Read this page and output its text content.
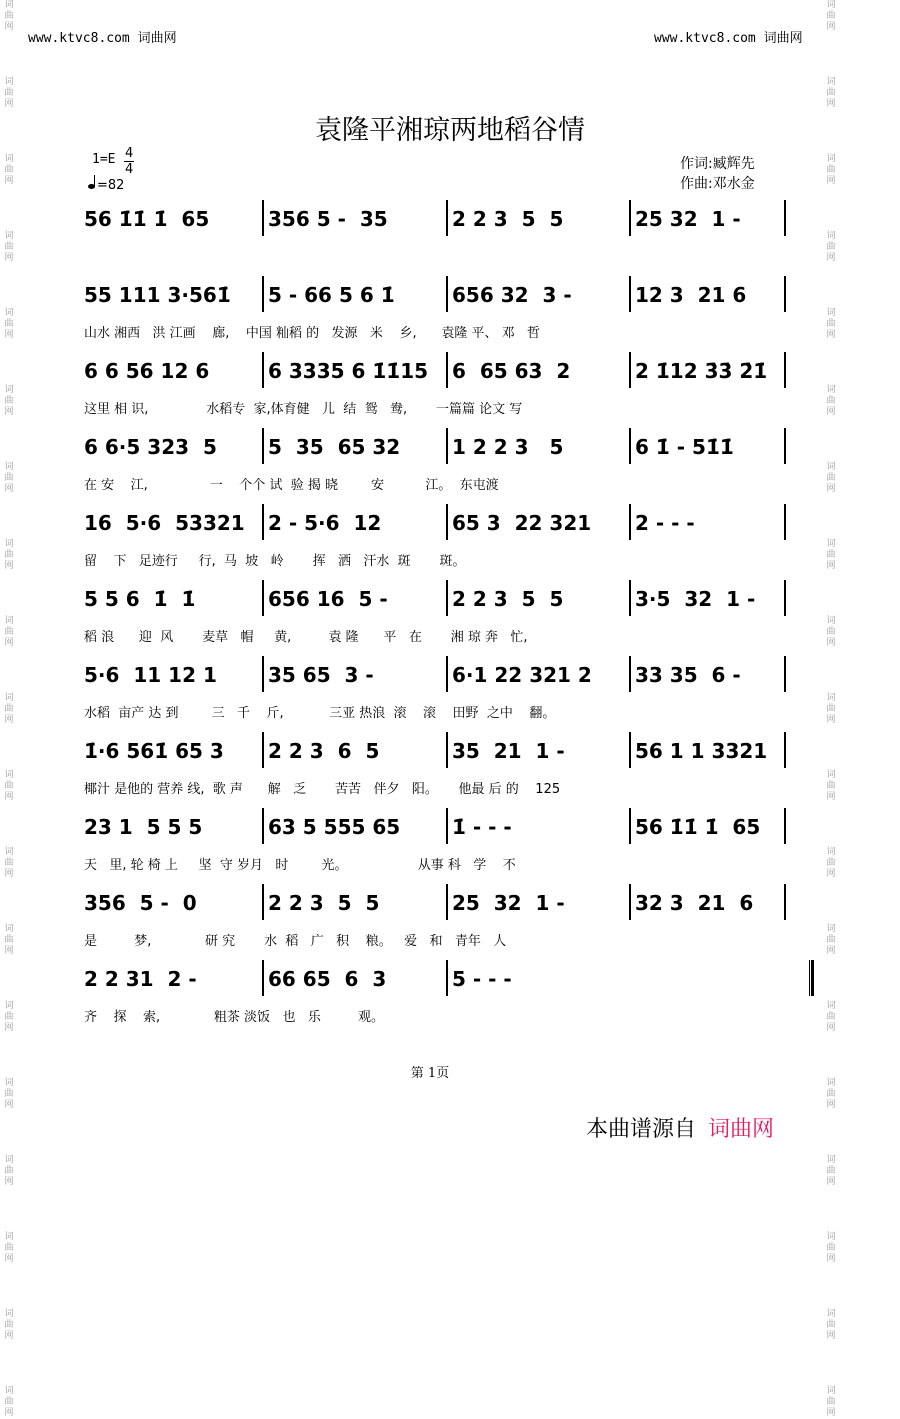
词
曲
网

词
曲
网

词
曲
网

词
曲
网

词
曲
网

词
曲
网

词
曲
网

词
曲
网

词
曲
网

词
曲
网

词
曲
网

词
曲
网

词
曲
网

词
曲
网

词
曲
网

词
曲
网

词
曲
网

词
曲
网

词
曲
网
词
曲
网

词
曲
网

词
曲
网

词
曲
网

词
曲
网

词
曲
网

词
曲
网

词
曲
网

词
曲
网

词
曲
网

词
曲
网

词
曲
网

词
曲
网

词
曲
网

词
曲
网

词
曲
网

词
曲
网

词
曲
网

词
曲
网
www.ktvc8.com 词曲网	www.ktvc8.com 词曲网
袁隆平湘琼两地稻谷情
1=E 4
4
=82
作词:臧辉先
作曲:邓水金
56 1̇1̇ 1̇  65	356 5 -  35	2 2 3  5  5	25 32  1 -
55 111 3·561̇ 5 - 66 5 6 1̇	656 32  3 -	12 3  21 6
山水 湘西   洪 江画    廊,    中国 籼稻 的   发源   米    乡,      袁隆 平、 邓   哲
6 6 56 12 6	6 3335 6 1̇1̇15 6  65 63  2	2 1̇12 3̇3̇ 2̇1̇
这里 相 识,              水稻专  家,体育健   儿  结  鸳   鸯,       一篇篇 论文 写
6 6·5 323  5	5  35  65 32	1 2 2 3   5	6 1̇ - 51̇1̇
在 安    江,               一    个个 试  验 揭 晓        安          江。  东屯渡
16  5·6  53321 2 - 5·6  12	65 3  22 321 2 - - -
留    下   足迹行     行,  马  坡   岭       挥   洒   汗水  斑       斑。
5 5 6  1̇  1̇	656 16  5 -	2 2 3  5  5	3·5  32  1 -
稻 浪      迎  风       麦草   帽     黄,         袁 隆      平   在       湘 琼 奔   忙,
5·6  11 12 1	35 65  3 -	6·1 22 321 2 33 35  6 -
水稻  亩产 达 到        三   千    斤,           三亚 热浪  滚    滚    田野  之中    翻。
1̇·6 561̇ 65 3 2 2 3  6  5	35  21  1 -	56 1 1 3321
椰汁 是他的 营养 线,  歌 声      解   乏       苦苦   伴夕   阳。     他最 后 的    125
23 1  5 5 5	63 5 555 65	1̇ - - -	56 1̇1̇ 1̇  65
天   里, 轮 椅 上     坚  守 岁月   时        光。                 从事 科   学    不
356  5 -  0	2 2 3  5  5	25  32  1 -	32 3  21  6
是         梦,             研 究       水  稻   广   积    粮。   爱   和   青年   人
2 2 31  2 -	66 65  6  3	5 - - -
齐    探    索,             粗茶 淡饭   也   乐         观。
第 1页
本曲谱源自 词曲网
